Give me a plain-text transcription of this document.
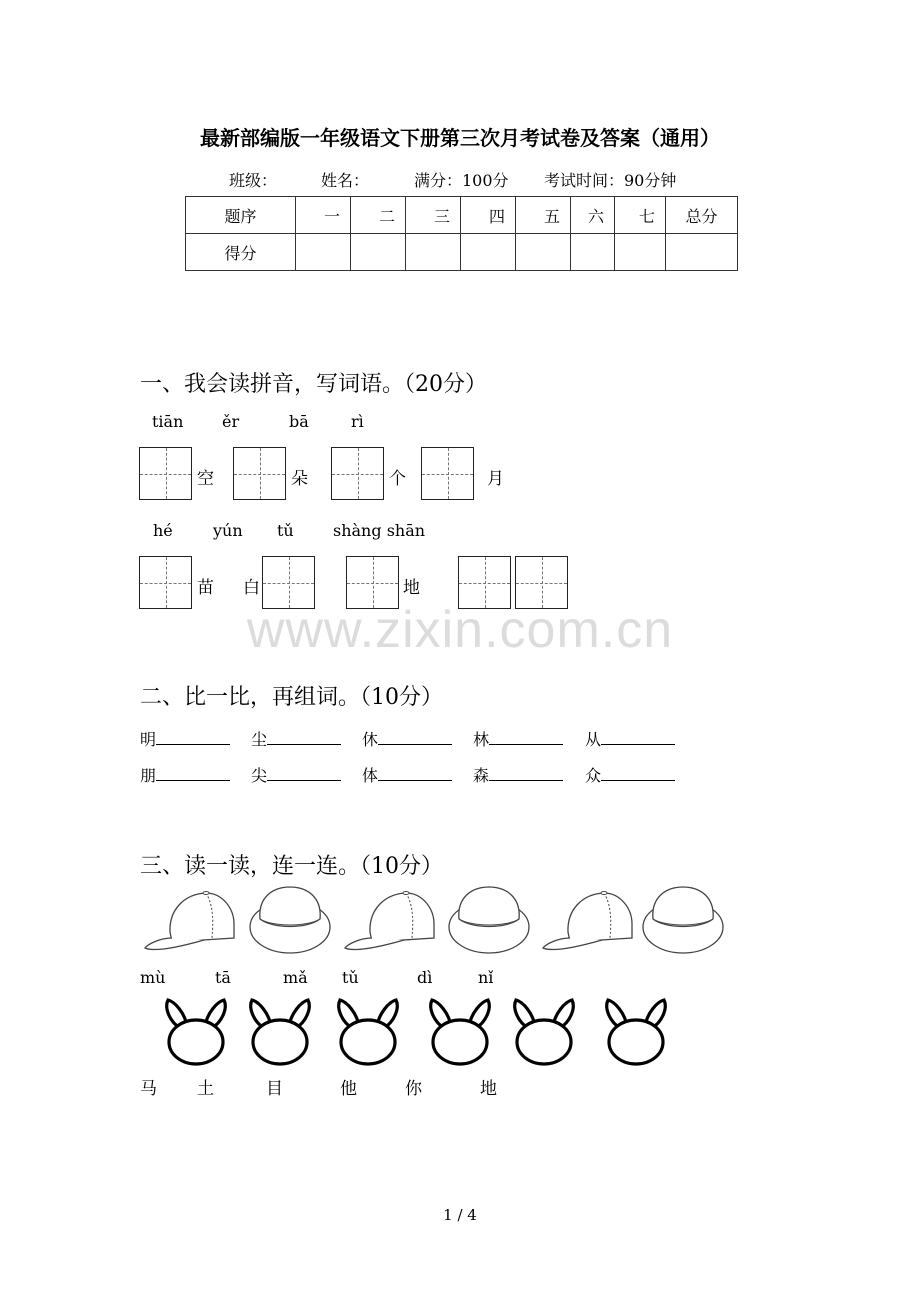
最新部编版一年级语文下册第三次月考试卷及答案（通用）
班级：	姓名：	满分：100分 考试时间：90分钟
题序	一	二	三	四	五	六	七	总分
得分								
一、我会读拼音，写词语。（20分）
tiān ěr	bā	rì
空	朵	个	月
hé	yún tǔ shàng shān
苗 白	地
www.zixin.com.cn
二、比一比，再组词。（10分）
明	尘	休	林	从
朋	尖	体	森	众
三、读一读，连一连。（10分）
mù	tā	mǎ tǔ	dì	nǐ
马 土	目	他	你	地
1 / 4
